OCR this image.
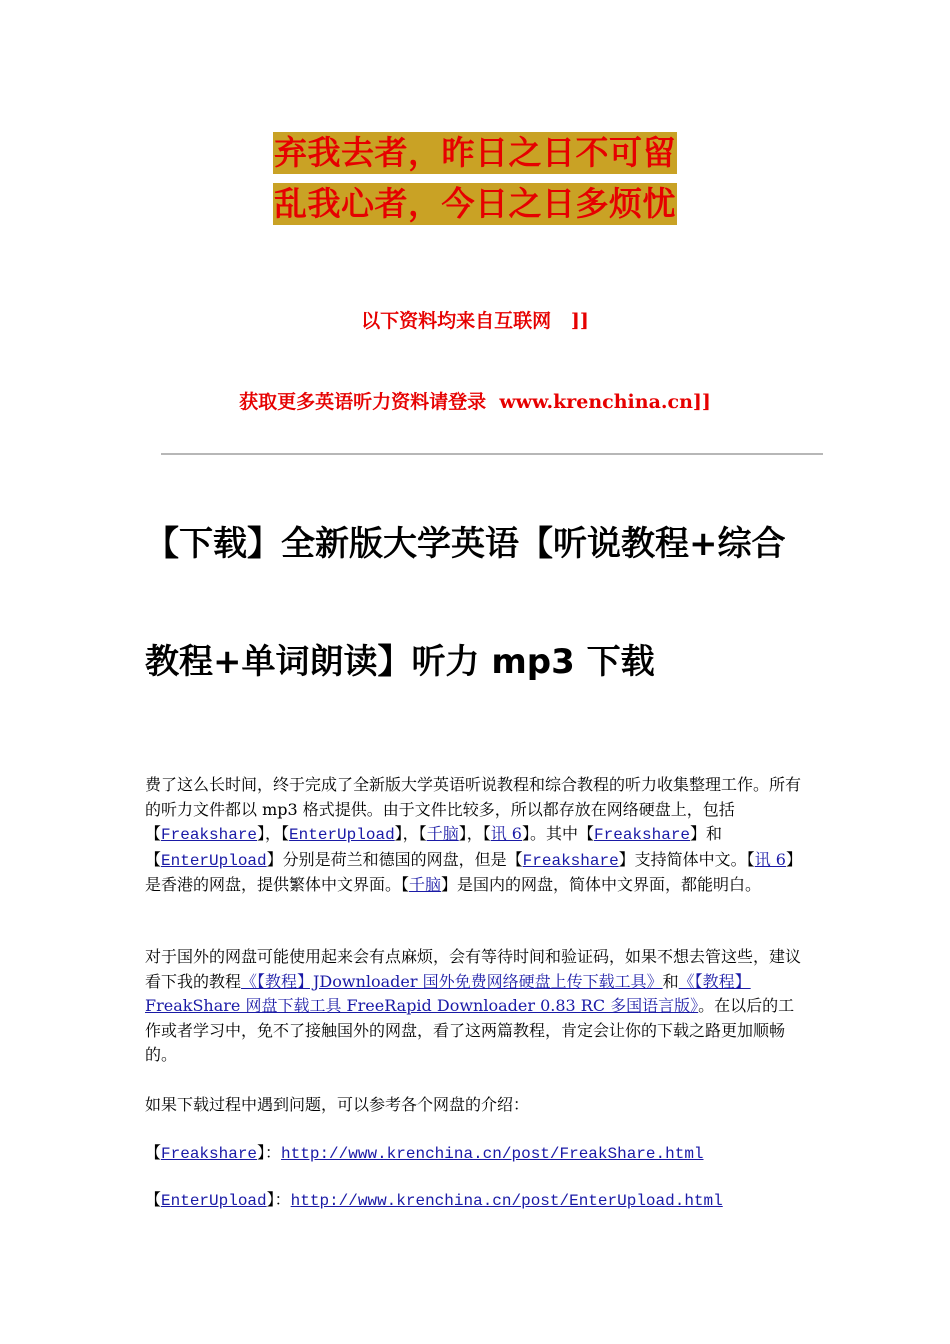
弃我去者，昨日之日不可留
乱我心者，今日之日多烦忧
以下资料均来自互联网   ]]
获取更多英语听力资料请登录  www.krenchina.cn]]
【下载】全新版大学英语【听说教程+综合
教程+单词朗读】听力 mp3 下载
费了这么长时间，终于完成了全新版大学英语听说教程和综合教程的听力收集整理工作。所有的听力文件都以 mp3 格式提供。由于文件比较多，所以都存放在网络硬盘上，包括【Freakshare】，【EnterUpload】，【千脑】，【讯 6】。其中【Freakshare】和【EnterUpload】分别是荷兰和德国的网盘，但是【Freakshare】支持简体中文。【讯 6】是香港的网盘，提供繁体中文界面。【千脑】是国内的网盘，简体中文界面，都能明白。
对于国外的网盘可能使用起来会有点麻烦，会有等待时间和验证码，如果不想去管这些，建议看下我的教程《【教程】JDownloader 国外免费网络硬盘上传下载工具》和《【教程】FreakShare 网盘下载工具 FreeRapid Downloader 0.83 RC 多国语言版》。在以后的工作或者学习中，免不了接触国外的网盘，看了这两篇教程，肯定会让你的下载之路更加顺畅的。
如果下载过程中遇到问题，可以参考各个网盘的介绍：
【Freakshare】：http://www.krenchina.cn/post/FreakShare.html
【EnterUpload】：http://www.krenchina.cn/post/EnterUpload.html
